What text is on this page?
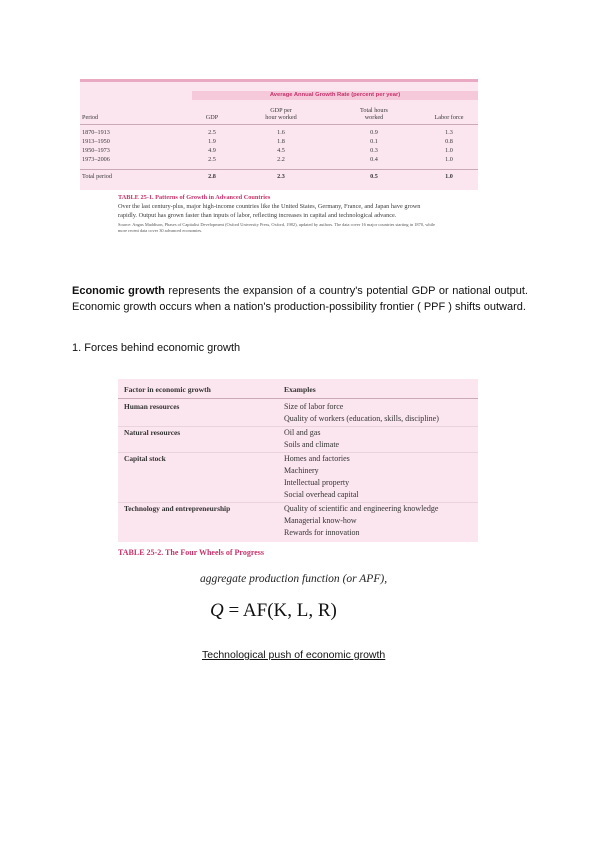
Average Annual Growth Rate (percent per year)
Period	GDP
GDP per
hour worked
Total hours
worked	Labor force
1870–1913	2.5	1.6	0.9	1.3
1913–1950	1.9	1.8	0.1	0.8
1950–1973	4.9	4.5	0.3	1.0
1973–2006	2.5	2.2	0.4	1.0
Total period	2.8	2.3	0.5	1.0
TABLE 25-1. Patterns of Growth in Advanced Countries
Over the last century-plus, major high-income countries like the United States, Germany, France, and Japan have grown rapidly. Output has grown faster than inputs of labor, reflecting increases in capital and technological advance.
Source: Angus Maddison, Phases of Capitalist Development (Oxford University Press, Oxford, 1982), updated by authors. The data cover 16 major countries starting in 1870, while more recent data cover 30 advanced economies.
Economic growth represents the expansion of a country's potential GDP or national output. Economic growth occurs when a nation's production-possibility frontier ( PPF ) shifts outward.
1. Forces behind economic growth
Factor in economic growth	Examples
Human resources	Size of labor force
Quality of workers (education, skills, discipline)
Natural resources	Oil and gas
Soils and climate
Capital stock	Homes and factories
Machinery
Intellectual property
Social overhead capital
Technology and entrepreneurship	Quality of scientific and engineering knowledge
Managerial know-how
Rewards for innovation
TABLE 25-2. The Four Wheels of Progress
aggregate production function (or APF),
Q = AF(K, L, R)
Technological push of economic growth
